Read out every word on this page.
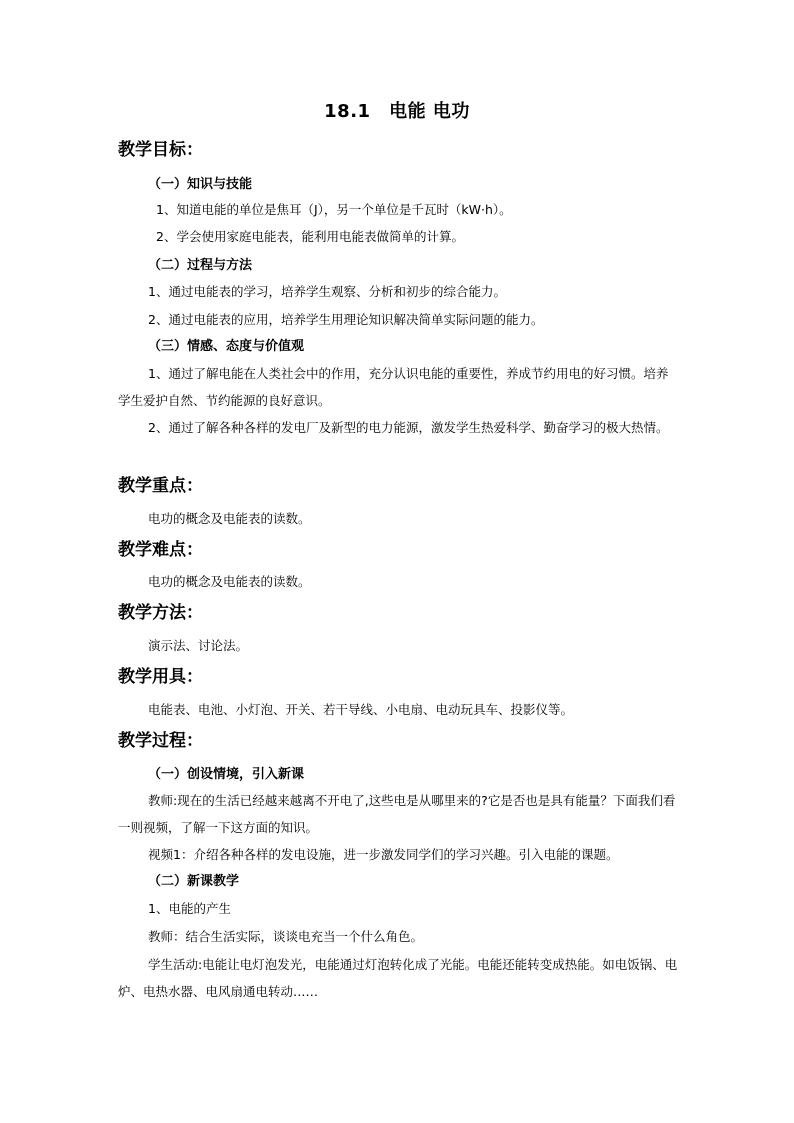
18.1　电能 电功
教学目标：
（一）知识与技能
1、知道电能的单位是焦耳（J），另一个单位是千瓦时（kW·h）。
2、学会使用家庭电能表，能利用电能表做简单的计算。
（二）过程与方法
1、通过电能表的学习，培养学生观察、分析和初步的综合能力。
2、通过电能表的应用，培养学生用理论知识解决简单实际问题的能力。
（三）情感、态度与价值观
1、通过了解电能在人类社会中的作用，充分认识电能的重要性，养成节约用电的好习惯。培养学生爱护自然、节约能源的良好意识。
2、通过了解各种各样的发电厂及新型的电力能源，激发学生热爱科学、勤奋学习的极大热情。
教学重点：
电功的概念及电能表的读数。
教学难点：
电功的概念及电能表的读数。
教学方法：
演示法、讨论法。
教学用具：
电能表、电池、小灯泡、开关、若干导线、小电扇、电动玩具车、投影仪等。
教学过程：
（一）创设情境，引入新课
教师:现在的生活已经越来越离不开电了,这些电是从哪里来的?它是否也是具有能量？下面我们看一则视频，了解一下这方面的知识。
视频1：介绍各种各样的发电设施，进一步激发同学们的学习兴趣。引入电能的课题。
（二）新课教学
1、电能的产生
教师：结合生活实际，谈谈电充当一个什么角色。
学生活动:电能让电灯泡发光，电能通过灯泡转化成了光能。电能还能转变成热能。如电饭锅、电炉、电热水器、电风扇通电转动……
